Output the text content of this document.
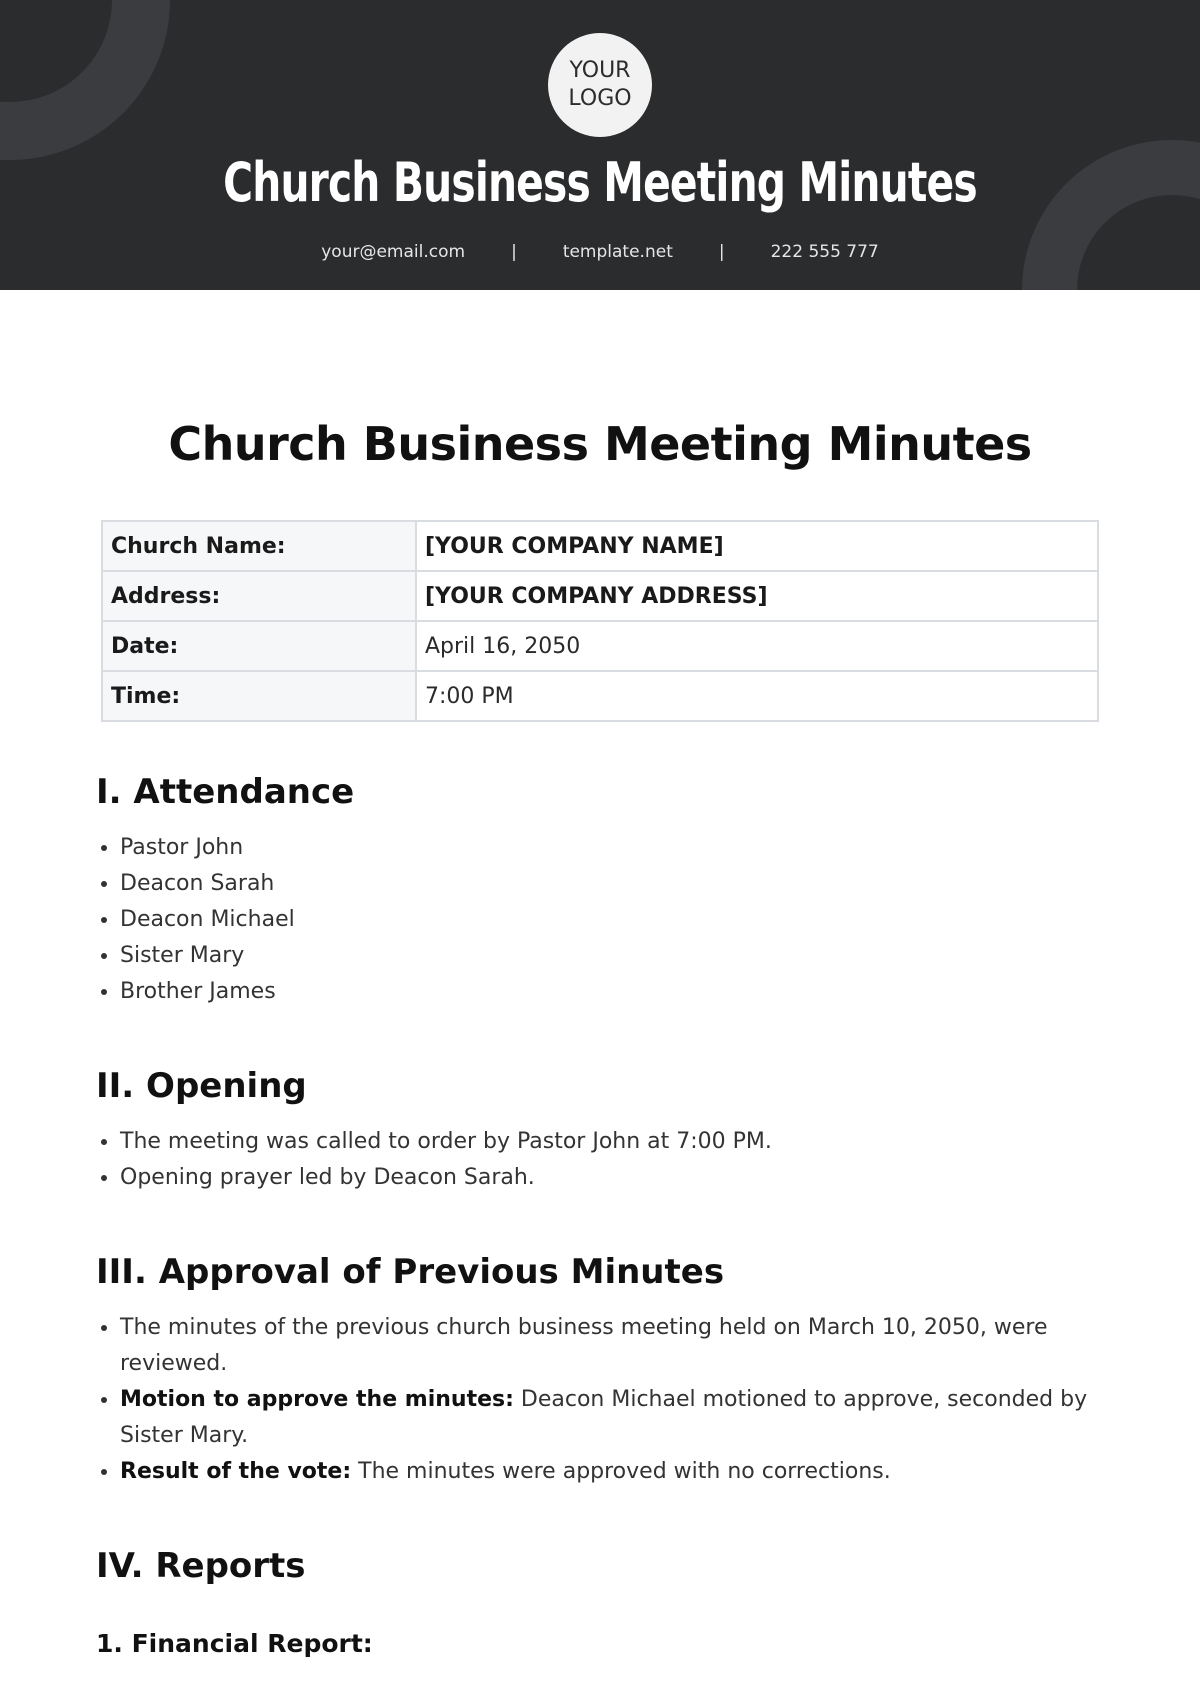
YOUR
LOGO
Church Business Meeting Minutes
your@email.com	|	template.net	|	222 555 777
Church Business Meeting Minutes
Church Name:	[YOUR COMPANY NAME]
Address:	[YOUR COMPANY ADDRESS]
Date:	April 16, 2050
Time:	7:00 PM
I. Attendance
• Pastor John
• Deacon Sarah
• Deacon Michael
• Sister Mary
• Brother James
II. Opening
• The meeting was called to order by Pastor John at 7:00 PM.
• Opening prayer led by Deacon Sarah.
III. Approval of Previous Minutes
• The minutes of the previous church business meeting held on March 10, 2050, were reviewed.
• Motion to approve the minutes: Deacon Michael motioned to approve, seconded by Sister Mary.
• Result of the vote: The minutes were approved with no corrections.
IV. Reports
1. Financial Report:
